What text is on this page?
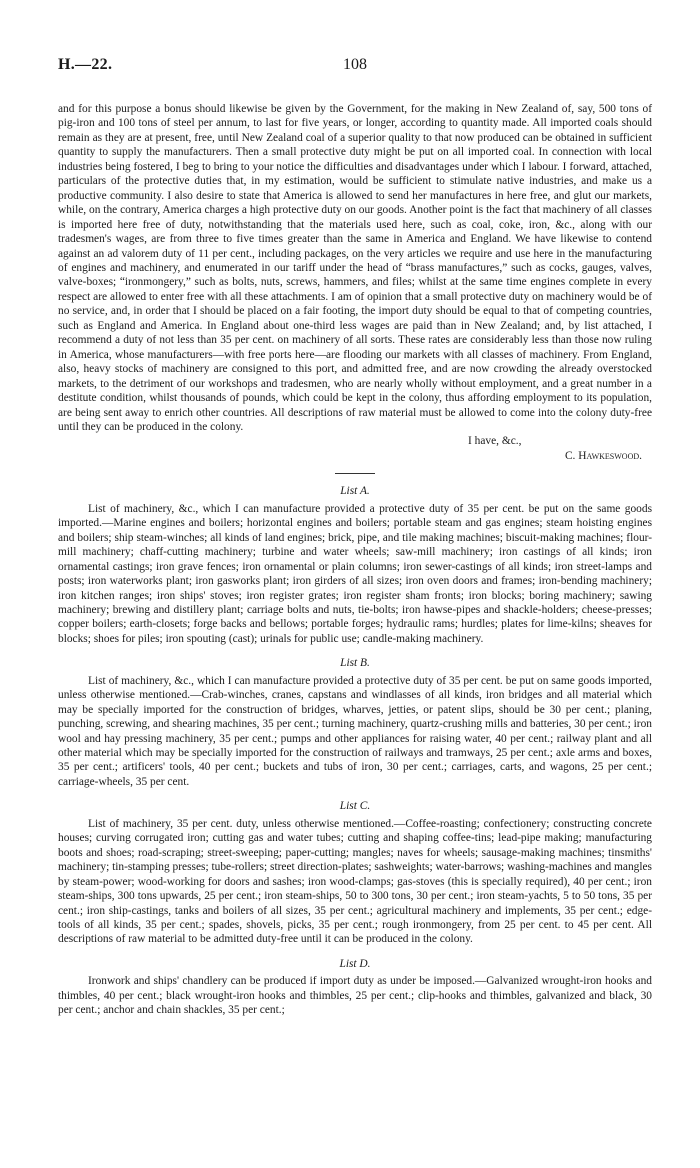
H.—22.	108

and for this purpose a bonus should likewise be given by the Government, for the making in New Zealand of, say, 500 tons of pig-iron and 100 tons of steel per annum, to last for five years, or longer, according to quantity made. All imported coals should remain as they are at present, free, until New Zealand coal of a superior quality to that now produced can be obtained in sufficient quantity to supply the manufacturers. Then a small protective duty might be put on all imported coal. In connection with local industries being fostered, I beg to bring to your notice the difficulties and disadvantages under which I labour. I forward, attached, particulars of the protective duties that, in my estimation, would be sufficient to stimulate native industries, and make us a productive community. I also desire to state that America is allowed to send her manufactures in here free, and glut our markets, while, on the contrary, America charges a high protective duty on our goods. Another point is the fact that machinery of all classes is imported here free of duty, notwithstanding that the materials used here, such as coal, coke, iron, &c., along with our tradesmen's wages, are from three to five times greater than the same in America and England. We have likewise to contend against an ad valorem duty of 11 per cent., including packages, on the very articles we require and use here in the manufacturing of engines and machinery, and enumerated in our tariff under the head of “brass manufactures,” such as cocks, gauges, valves, valve-boxes; “ironmongery,” such as bolts, nuts, screws, hammers, and files; whilst at the same time engines complete in every respect are allowed to enter free with all these attachments. I am of opinion that a small protective duty on machinery would be of no service, and, in order that I should be placed on a fair footing, the import duty should be equal to that of competing countries, such as England and America. In England about one-third less wages are paid than in New Zealand; and, by list attached, I recommend a duty of not less than 35 per cent. on machinery of all sorts. These rates are considerably less than those now ruling in America, whose manufacturers—with free ports here—are flooding our markets with all classes of machinery. From England, also, heavy stocks of machinery are consigned to this port, and admitted free, and are now crowding the already overstocked markets, to the detriment of our workshops and tradesmen, who are nearly wholly without employment, and a great number in a destitute condition, whilst thousands of pounds, which could be kept in the colony, thus affording employment to its population, are being sent away to enrich other countries. All descriptions of raw material must be allowed to come into the colony duty-free until they can be produced in the colony.

I have, &c.,
C. Hawkeswood.
List A.

List of machinery, &c., which I can manufacture provided a protective duty of 35 per cent. be put on the same goods imported.—Marine engines and boilers; horizontal engines and boilers; portable steam and gas engines; steam hoisting engines and boilers; ship steam-winches; all kinds of land engines; brick, pipe, and tile making machines; biscuit-making machines; flour-mill machinery; chaff-cutting machinery; turbine and water wheels; saw-mill machinery; iron castings of all kinds; iron ornamental castings; iron grave fences; iron ornamental or plain columns; iron sewer-castings of all kinds; iron street-lamps and posts; iron waterworks plant; iron gasworks plant; iron girders of all sizes; iron oven doors and frames; iron-bending machinery; iron kitchen ranges; iron ships' stoves; iron register grates; iron register sham fronts; iron blocks; boring machinery; sawing machinery; brewing and distillery plant; carriage bolts and nuts, tie-bolts; iron hawse-pipes and shackle-holders; cheese-presses; copper boilers; earth-closets; forge backs and bellows; portable forges; hydraulic rams; hurdles; plates for lime-kilns; sheaves for blocks; shoes for piles; iron spouting (cast); urinals for public use; candle-making machinery.

List B.

List of machinery, &c., which I can manufacture provided a protective duty of 35 per cent. be put on same goods imported, unless otherwise mentioned.—Crab-winches, cranes, capstans and windlasses of all kinds, iron bridges and all material which may be specially imported for the construction of bridges, wharves, jetties, or patent slips, should be 30 per cent.; planing, punching, screwing, and shearing machines, 35 per cent.; turning machinery, quartz-crushing mills and batteries, 30 per cent.; iron wool and hay pressing machinery, 35 per cent.; pumps and other appliances for raising water, 40 per cent.; railway plant and all other material which may be specially imported for the construction of railways and tramways, 25 per cent.; axle arms and boxes, 35 per cent.; artificers' tools, 40 per cent.; buckets and tubs of iron, 30 per cent.; carriages, carts, and wagons, 25 per cent.; carriage-wheels, 35 per cent.

List C.

List of machinery, 35 per cent. duty, unless otherwise mentioned.—Coffee-roasting; confectionery; constructing concrete houses; curving corrugated iron; cutting gas and water tubes; cutting and shaping coffee-tins; lead-pipe making; manufacturing boots and shoes; road-scraping; street-sweeping; paper-cutting; mangles; naves for wheels; sausage-making machines; tinsmiths' machinery; tin-stamping presses; tube-rollers; street direction-plates; sashweights; water-barrows; washing-machines and mangles by steam-power; wood-working for doors and sashes; iron wood-clamps; gas-stoves (this is specially required), 40 per cent.; iron steam-ships, 300 tons upwards, 25 per cent.; iron steam-ships, 50 to 300 tons, 30 per cent.; iron steam-yachts, 5 to 50 tons, 35 per cent.; iron ship-castings, tanks and boilers of all sizes, 35 per cent.; agricultural machinery and implements, 35 per cent.; edge-tools of all kinds, 35 per cent.; spades, shovels, picks, 35 per cent.; rough ironmongery, from 25 per cent. to 45 per cent. All descriptions of raw material to be admitted duty-free until it can be produced in the colony.

List D.

Ironwork and ships' chandlery can be produced if import duty as under be imposed.—Galvanized wrought-iron hooks and thimbles, 40 per cent.; black wrought-iron hooks and thimbles, 25 per cent.; clip-hooks and thimbles, galvanized and black, 30 per cent.; anchor and chain shackles, 35 per cent.;
